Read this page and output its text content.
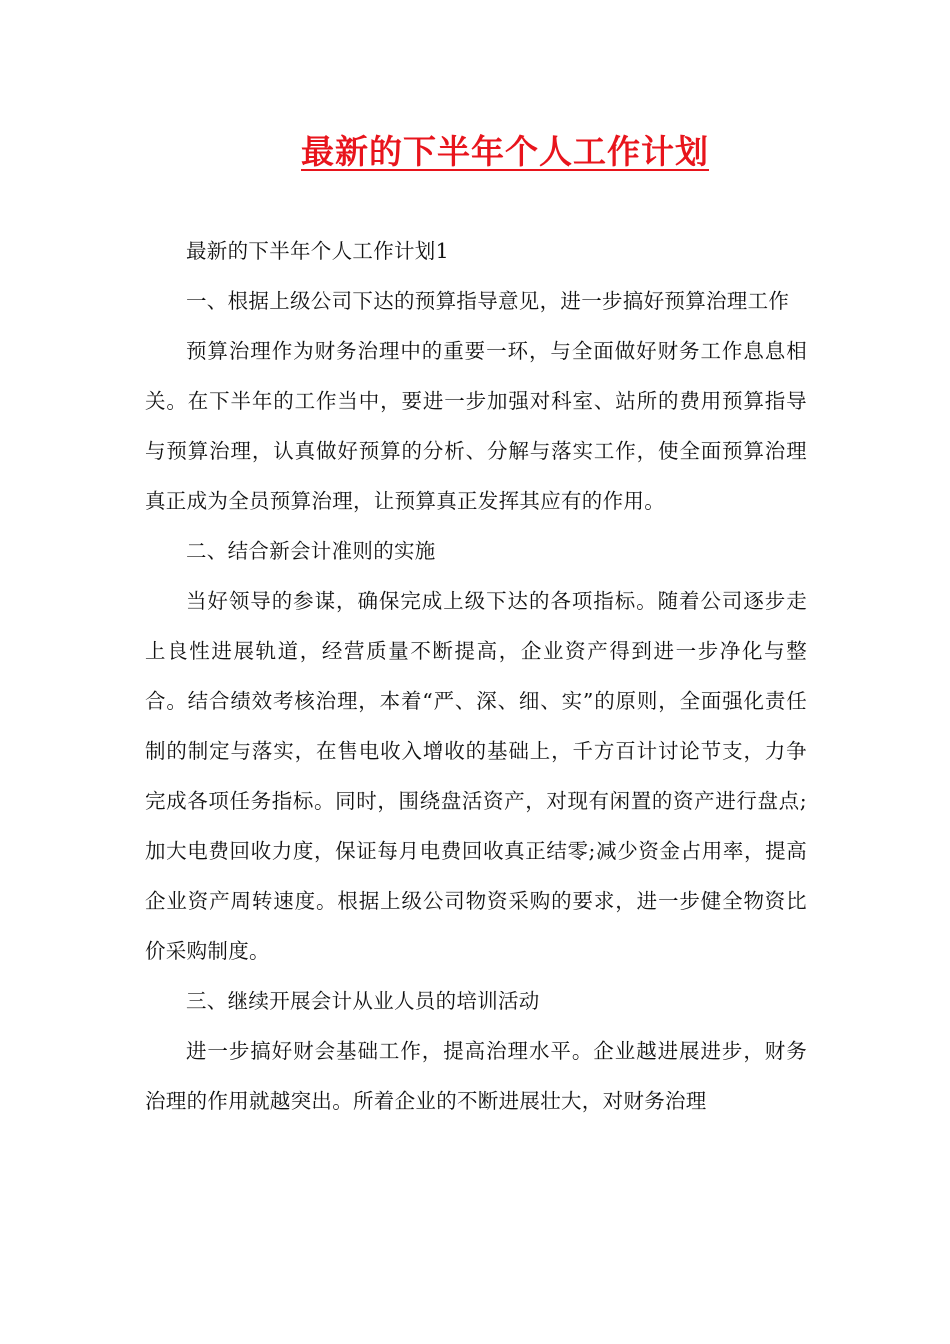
最新的下半年个人工作计划

最新的下半年个人工作计划1

一、根据上级公司下达的预算指导意见，进一步搞好预算治理工作

预算治理作为财务治理中的重要一环，与全面做好财务工作息息相关。在下半年的工作当中，要进一步加强对科室、站所的费用预算指导与预算治理，认真做好预算的分析、分解与落实工作，使全面预算治理真正成为全员预算治理，让预算真正发挥其应有的作用。

二、结合新会计准则的实施

当好领导的参谋，确保完成上级下达的各项指标。随着公司逐步走上良性进展轨道，经营质量不断提高，企业资产得到进一步净化与整合。结合绩效考核治理，本着“严、深、细、实”的原则，全面强化责任制的制定与落实，在售电收入增收的基础上，千方百计讨论节支，力争完成各项任务指标。同时，围绕盘活资产，对现有闲置的资产进行盘点;加大电费回收力度，保证每月电费回收真正结零;减少资金占用率，提高企业资产周转速度。根据上级公司物资采购的要求，进一步健全物资比价采购制度。

三、继续开展会计从业人员的培训活动

进一步搞好财会基础工作，提高治理水平。企业越进展进步，财务治理的作用就越突出。所着企业的不断进展壮大，对财务治理
